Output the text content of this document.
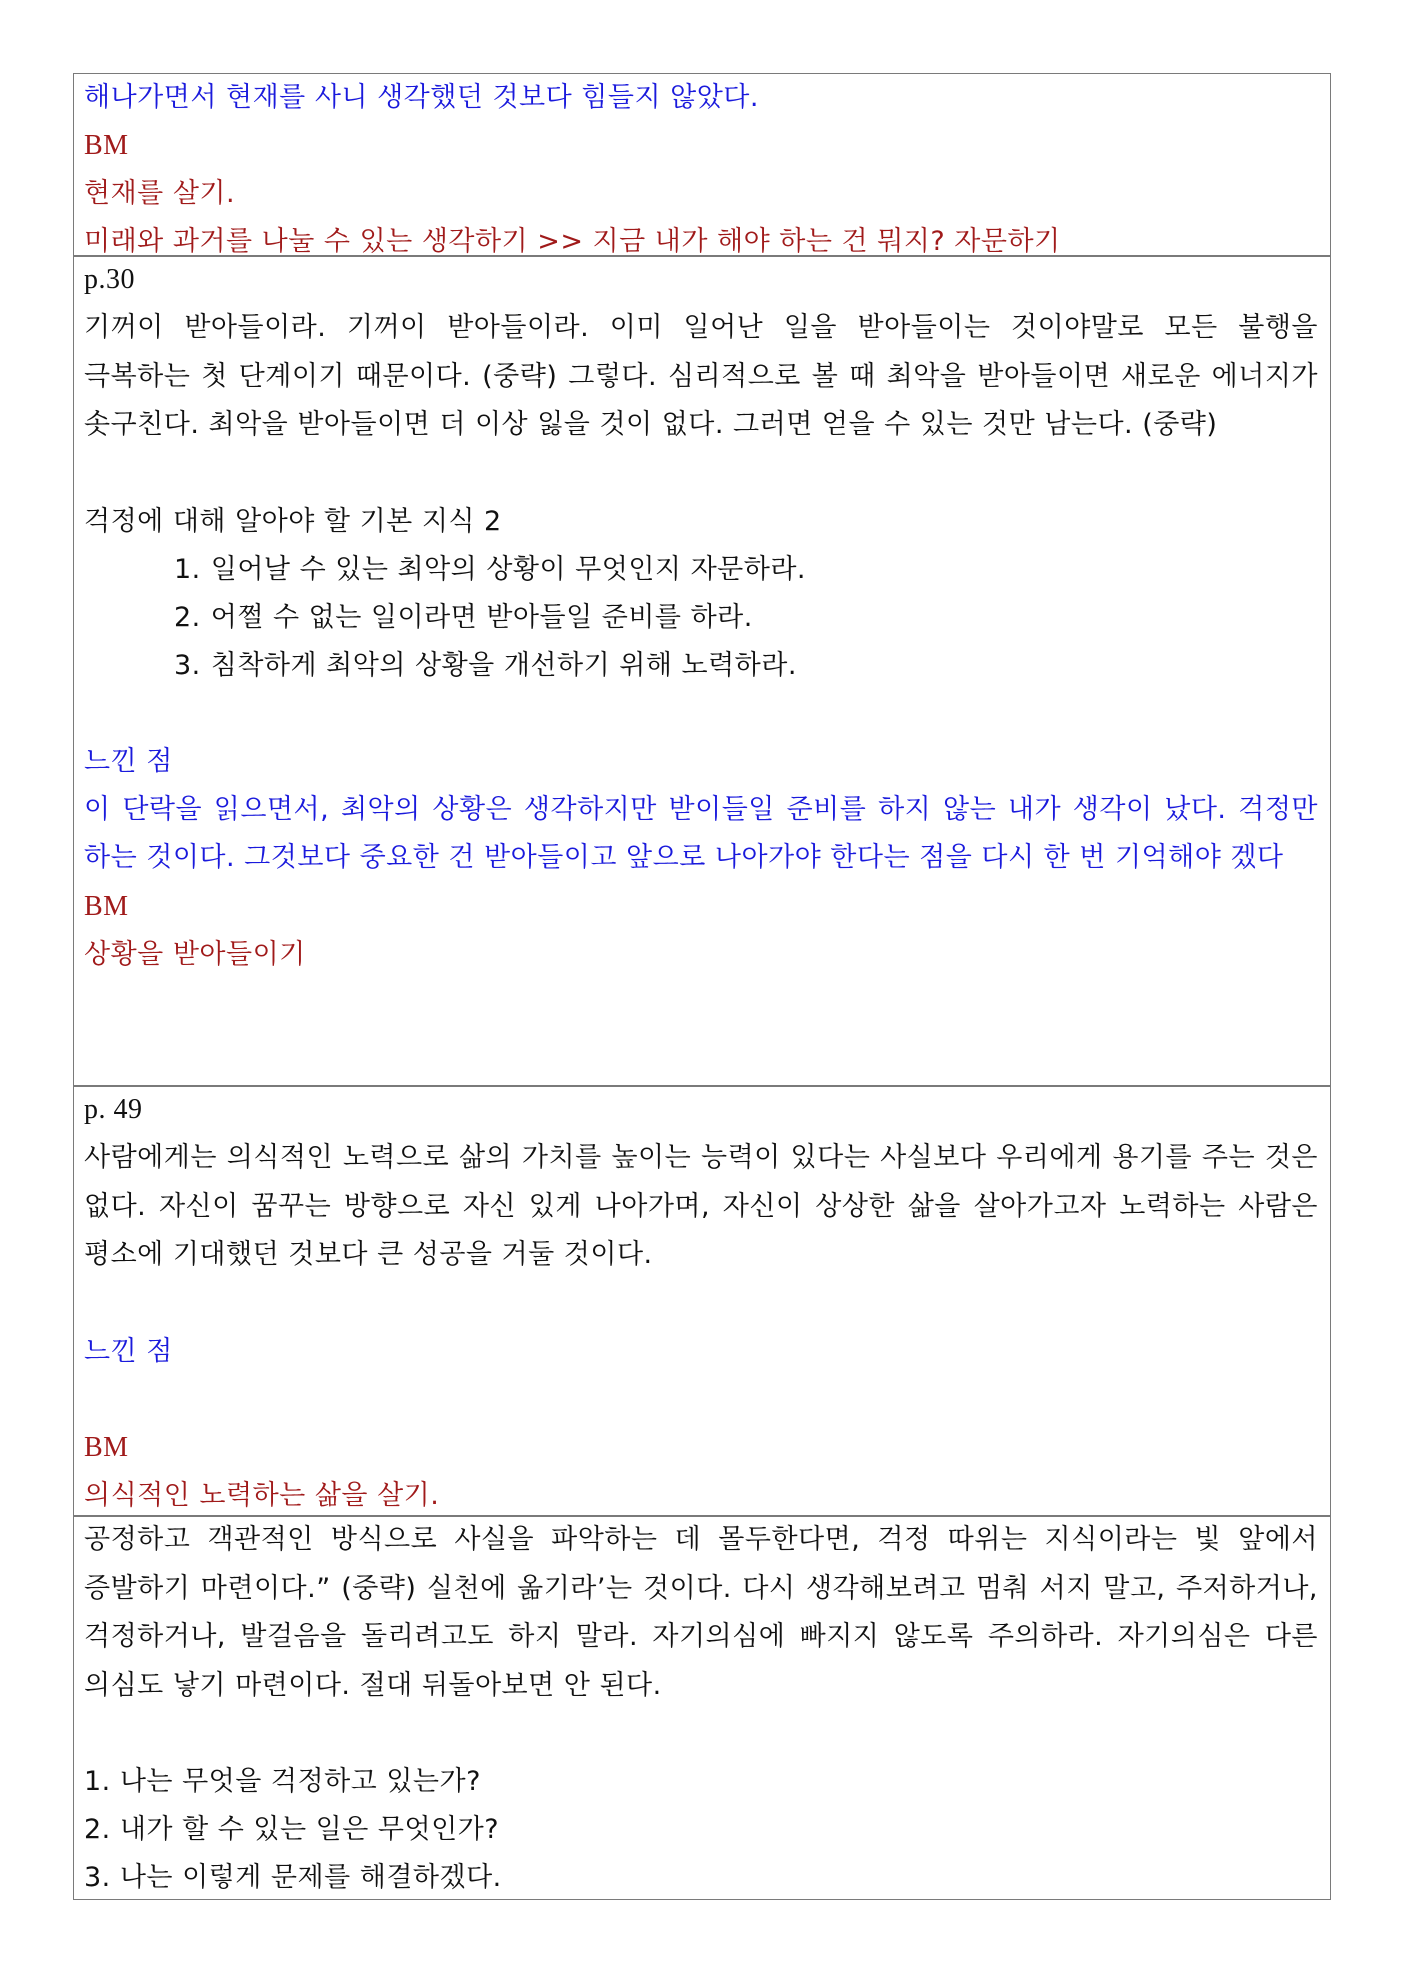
해나가면서 현재를 사니 생각했던 것보다 힘들지 않았다.
BM
현재를 살기.
미래와 과거를 나눌 수 있는 생각하기 >> 지금 내가 해야 하는 건 뭐지? 자문하기
p.30
기꺼이 받아들이라. 기꺼이 받아들이라. 이미 일어난 일을 받아들이는 것이야말로 모든 불행을 극복하는 첫 단계이기 때문이다. (중략) 그렇다. 심리적으로 볼 때 최악을 받아들이면 새로운 에너지가 솟구친다. 최악을 받아들이면 더 이상 잃을 것이 없다. 그러면 얻을 수 있는 것만 남는다. (중략)
걱정에 대해 알아야 할 기본 지식 2
1. 일어날 수 있는 최악의 상황이 무엇인지 자문하라.
2. 어쩔 수 없는 일이라면 받아들일 준비를 하라.
3. 침착하게 최악의 상황을 개선하기 위해 노력하라.
느낀 점
이 단락을 읽으면서, 최악의 상황은 생각하지만 받이들일 준비를 하지 않는 내가 생각이 났다. 걱정만 하는 것이다. 그것보다 중요한 건 받아들이고 앞으로 나아가야 한다는 점을 다시 한 번 기억해야 겠다
BM
상황을 받아들이기
p. 49
사람에게는 의식적인 노력으로 삶의 가치를 높이는 능력이 있다는 사실보다 우리에게 용기를 주는 것은 없다. 자신이 꿈꾸는 방향으로 자신 있게 나아가며, 자신이 상상한 삶을 살아가고자 노력하는 사람은 평소에 기대했던 것보다 큰 성공을 거둘 것이다.
느낀 점
BM
의식적인 노력하는 삶을 살기.
공정하고 객관적인 방식으로 사실을 파악하는 데 몰두한다면, 걱정 따위는 지식이라는 빛 앞에서 증발하기 마련이다.” (중략) 실천에 옮기라’는 것이다. 다시 생각해보려고 멈춰 서지 말고, 주저하거나, 걱정하거나, 발걸음을 돌리려고도 하지 말라. 자기의심에 빠지지 않도록 주의하라. 자기의심은 다른 의심도 낳기 마련이다. 절대 뒤돌아보면 안 된다.
1. 나는 무엇을 걱정하고 있는가?
2. 내가 할 수 있는 일은 무엇인가?
3. 나는 이렇게 문제를 해결하겠다.
